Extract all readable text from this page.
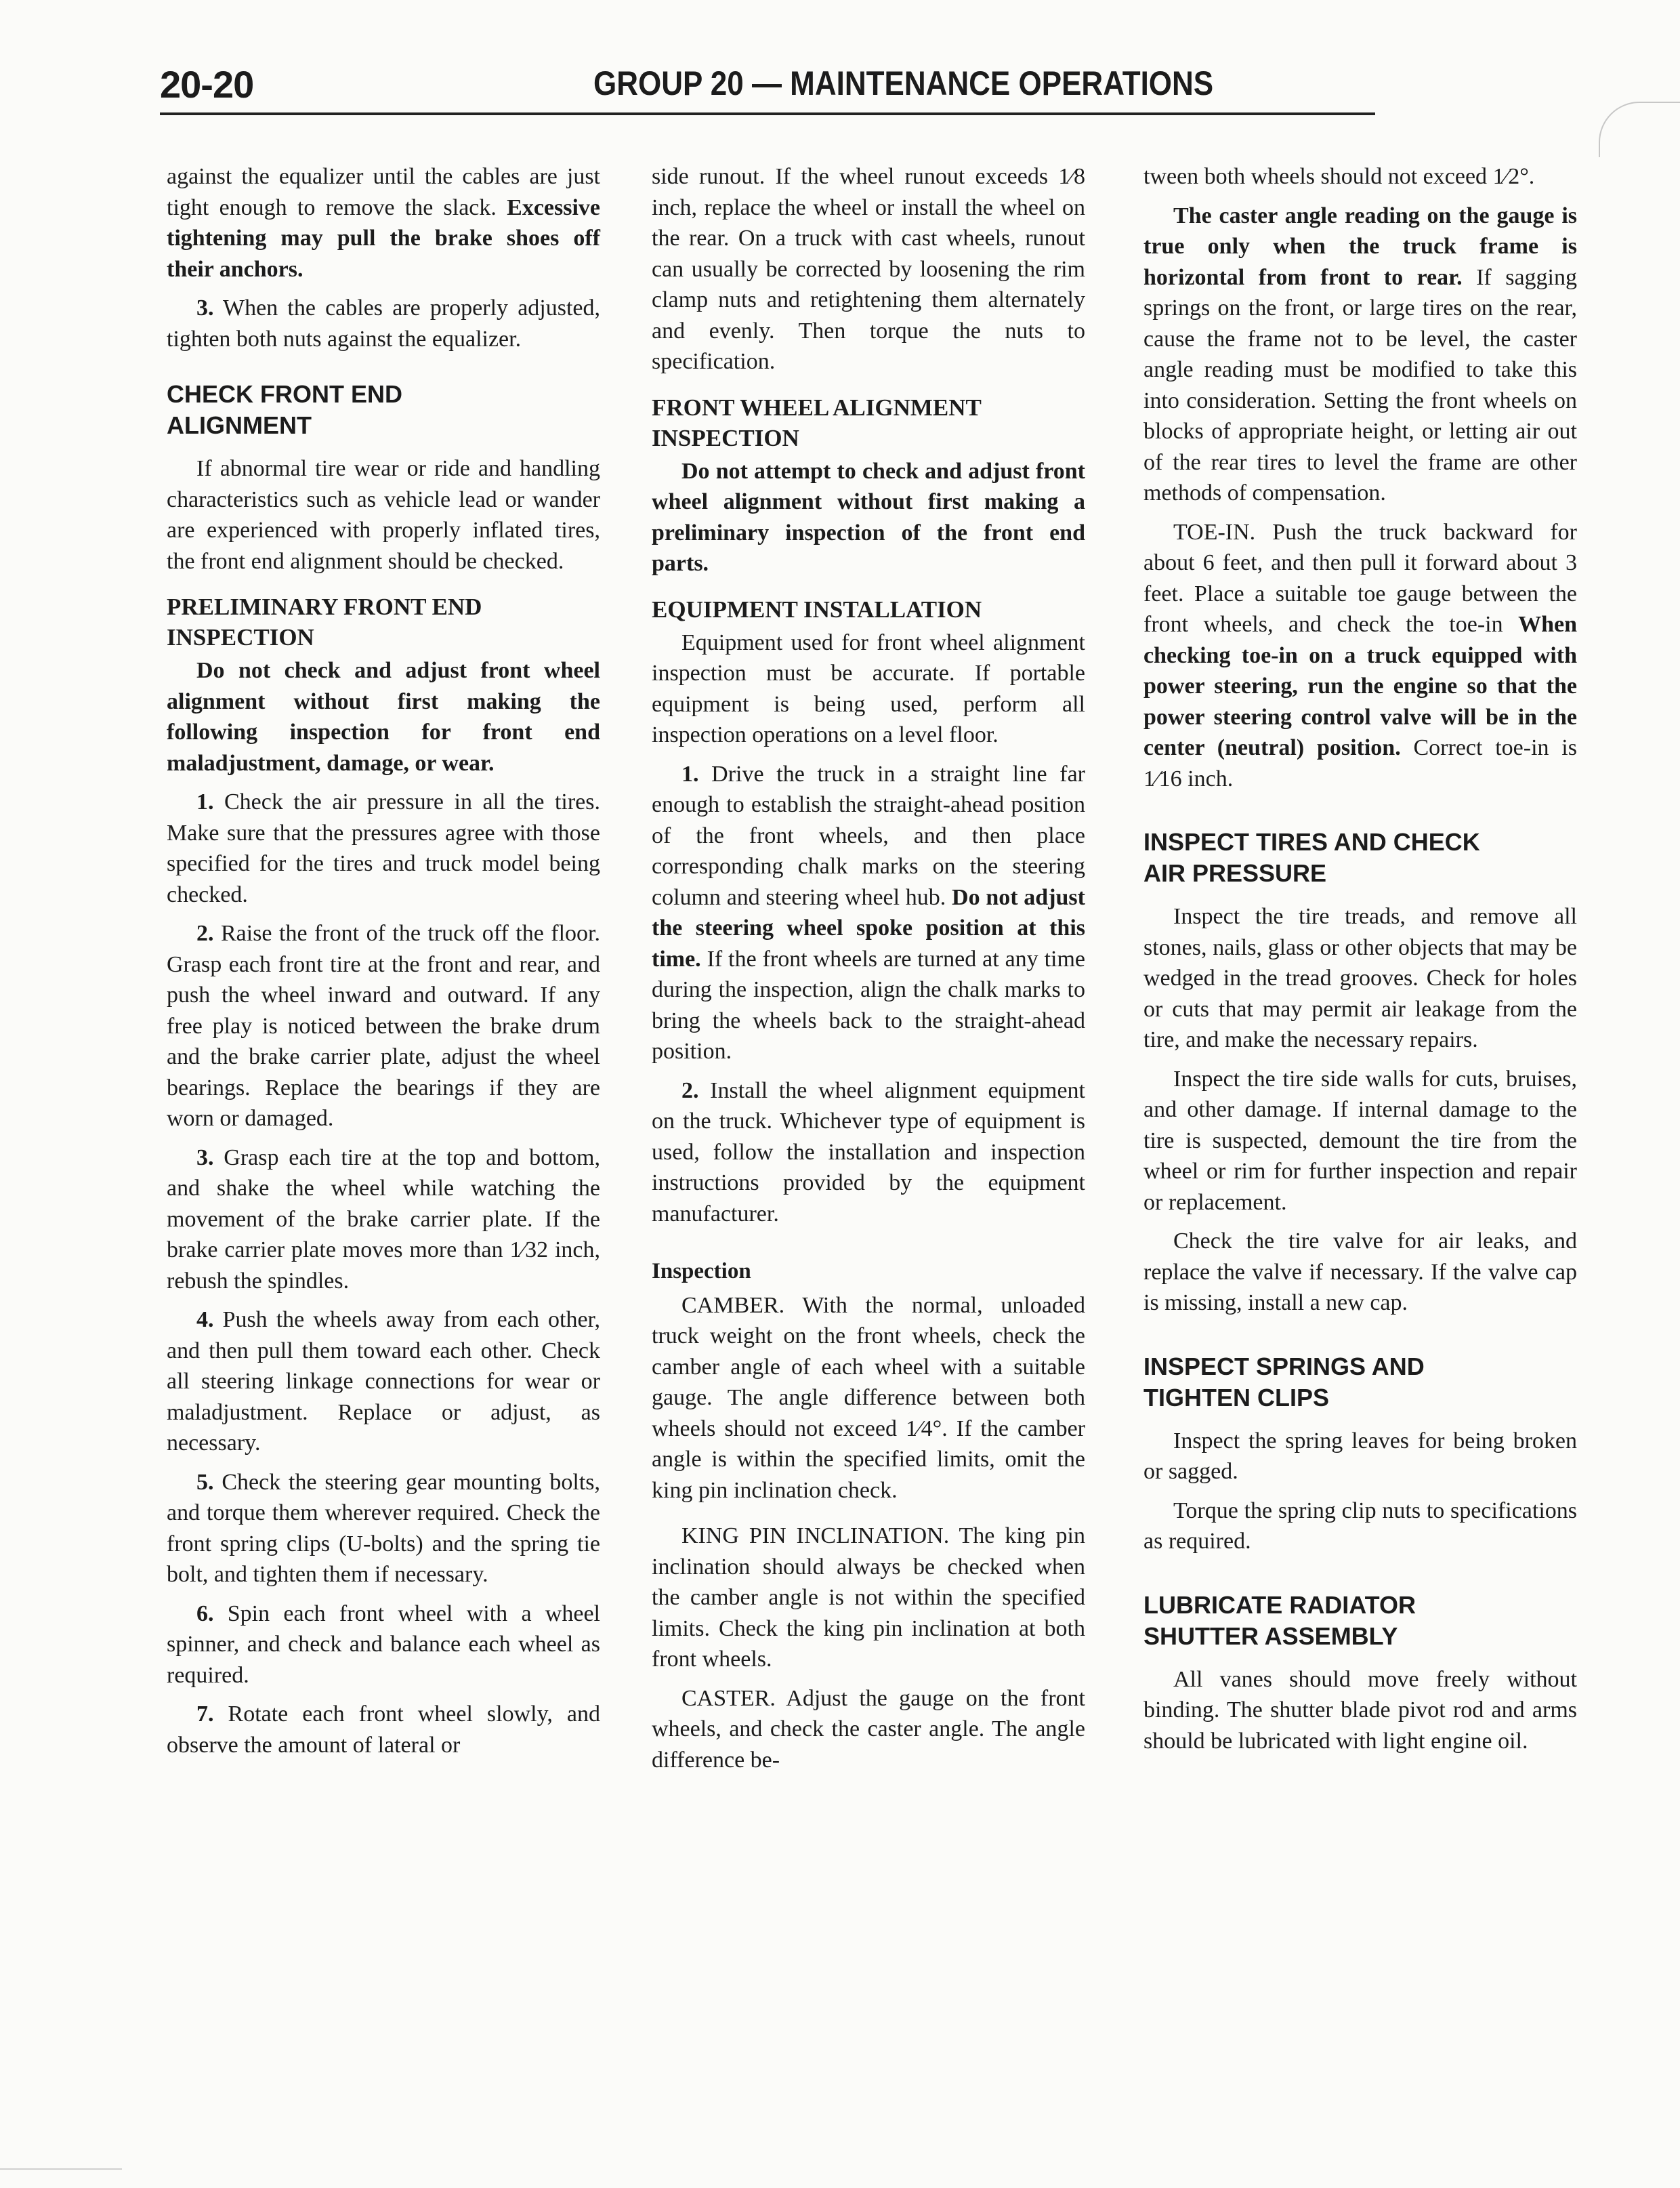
20-20	GROUP 20 — MAINTENANCE OPERATIONS

against the equalizer until the cables are just tight enough to remove the slack. Excessive tightening may pull the brake shoes off their anchors.

3. When the cables are properly adjusted, tighten both nuts against the equalizer.

CHECK FRONT END
ALIGNMENT

If abnormal tire wear or ride and handling characteristics such as vehicle lead or wander are experienced with properly inflated tires, the front end alignment should be checked.

PRELIMINARY FRONT END
INSPECTION

Do not check and adjust front wheel alignment without first making the following inspection for front end maladjustment, damage, or wear.

1. Check the air pressure in all the tires. Make sure that the pressures agree with those specified for the tires and truck model being checked.

2. Raise the front of the truck off the floor. Grasp each front tire at the front and rear, and push the wheel inward and outward. If any free play is noticed between the brake drum and the brake carrier plate, adjust the wheel bearings. Replace the bearings if they are worn or damaged.

3. Grasp each tire at the top and bottom, and shake the wheel while watching the movement of the brake carrier plate. If the brake carrier plate moves more than 1⁄32 inch, rebush the spindles.

4. Push the wheels away from each other, and then pull them toward each other. Check all steering linkage connections for wear or maladjustment. Replace or adjust, as necessary.

5. Check the steering gear mounting bolts, and torque them wherever required. Check the front spring clips (U-bolts) and the spring tie bolt, and tighten them if necessary.

6. Spin each front wheel with a wheel spinner, and check and balance each wheel as required.

7. Rotate each front wheel slowly, and observe the amount of lateral or

side runout. If the wheel runout exceeds 1⁄8 inch, replace the wheel or install the wheel on the rear. On a truck with cast wheels, runout can usually be corrected by loosening the rim clamp nuts and retightening them alternately and evenly. Then torque the nuts to specification.

FRONT WHEEL ALIGNMENT
INSPECTION

Do not attempt to check and adjust front wheel alignment without first making a preliminary inspection of the front end parts.

EQUIPMENT INSTALLATION

Equipment used for front wheel alignment inspection must be accurate. If portable equipment is being used, perform all inspection operations on a level floor.

1. Drive the truck in a straight line far enough to establish the straight-ahead position of the front wheels, and then place corresponding chalk marks on the steering column and steering wheel hub. Do not adjust the steering wheel spoke position at this time. If the front wheels are turned at any time during the inspection, align the chalk marks to bring the wheels back to the straight-ahead position.

2. Install the wheel alignment equipment on the truck. Whichever type of equipment is used, follow the installation and inspection instructions provided by the equipment manufacturer.

Inspection

CAMBER. With the normal, unloaded truck weight on the front wheels, check the camber angle of each wheel with a suitable gauge. The angle difference between both wheels should not exceed 1⁄4°. If the camber angle is within the specified limits, omit the king pin inclination check.

KING PIN INCLINATION. The king pin inclination should always be checked when the camber angle is not within the specified limits. Check the king pin inclination at both front wheels.

CASTER. Adjust the gauge on the front wheels, and check the caster angle. The angle difference be-

tween both wheels should not exceed 1⁄2°.

The caster angle reading on the gauge is true only when the truck frame is horizontal from front to rear. If sagging springs on the front, or large tires on the rear, cause the frame not to be level, the caster angle reading must be modified to take this into consideration. Setting the front wheels on blocks of appropriate height, or letting air out of the rear tires to level the frame are other methods of compensation.

TOE-IN. Push the truck backward for about 6 feet, and then pull it forward about 3 feet. Place a suitable toe gauge between the front wheels, and check the toe-in When checking toe-in on a truck equipped with power steering, run the engine so that the power steering control valve will be in the center (neutral) position. Correct toe-in is 1⁄16 inch.

INSPECT TIRES AND CHECK
AIR PRESSURE

Inspect the tire treads, and remove all stones, nails, glass or other objects that may be wedged in the tread grooves. Check for holes or cuts that may permit air leakage from the tire, and make the necessary repairs.

Inspect the tire side walls for cuts, bruises, and other damage. If internal damage to the tire is suspected, demount the tire from the wheel or rim for further inspection and repair or replacement.

Check the tire valve for air leaks, and replace the valve if necessary. If the valve cap is missing, install a new cap.

INSPECT SPRINGS AND
TIGHTEN CLIPS

Inspect the spring leaves for being broken or sagged.

Torque the spring clip nuts to specifications as required.

LUBRICATE RADIATOR
SHUTTER ASSEMBLY

All vanes should move freely without binding. The shutter blade pivot rod and arms should be lubricated with light engine oil.
